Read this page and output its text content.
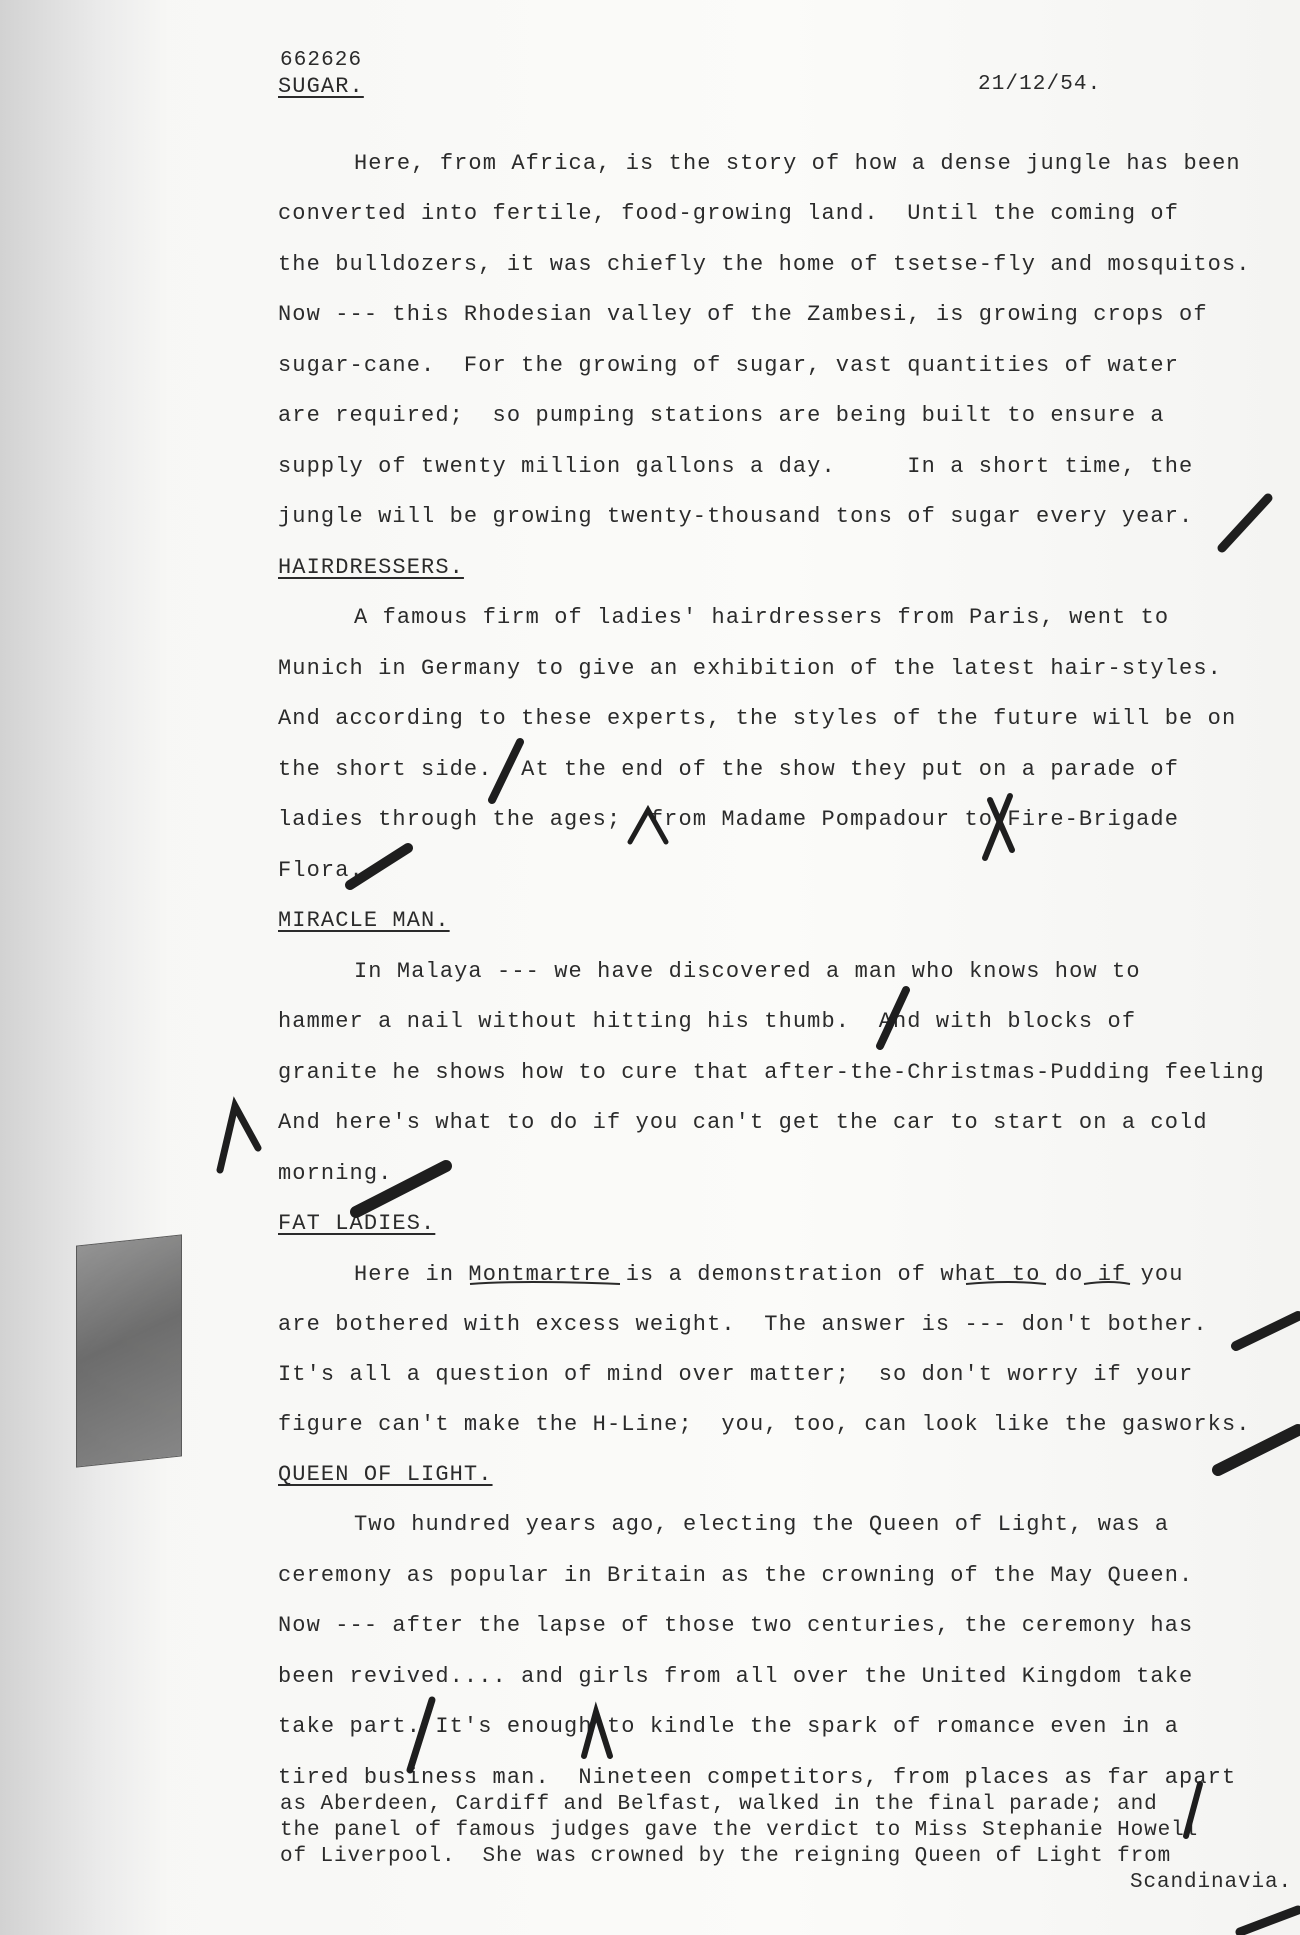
662626
21/12/54.
SUGAR.
Here, from Africa, is the story of how a dense jungle has been
converted into fertile, food-growing land.  Until the coming of
the bulldozers, it was chiefly the home of tsetse-fly and mosquitos.
Now --- this Rhodesian valley of the Zambesi, is growing crops of
sugar-cane.  For the growing of sugar, vast quantities of water
are required;  so pumping stations are being built to ensure a
supply of twenty million gallons a day.     In a short time, the
jungle will be growing twenty-thousand tons of sugar every year.
HAIRDRESSERS.
A famous firm of ladies' hairdressers from Paris, went to
Munich in Germany to give an exhibition of the latest hair-styles.
And according to these experts, the styles of the future will be on
the short side.  At the end of the show they put on a parade of
ladies through the ages;  from Madame Pompadour to Fire-Brigade
Flora.
MIRACLE MAN.
In Malaya --- we have discovered a man who knows how to
hammer a nail without hitting his thumb.  And with blocks of
granite he shows how to cure that after-the-Christmas-Pudding feeling
And here's what to do if you can't get the car to start on a cold
morning.
FAT LADIES.
Here in Montmartre is a demonstration of what to do if you
are bothered with excess weight.  The answer is --- don't bother.
It's all a question of mind over matter;  so don't worry if your
figure can't make the H-Line;  you, too, can look like the gasworks.
QUEEN OF LIGHT.
Two hundred years ago, electing the Queen of Light, was a
ceremony as popular in Britain as the crowning of the May Queen.
Now --- after the lapse of those two centuries, the ceremony has
been revived.... and girls from all over the United Kingdom take
take part. It's enough to kindle the spark of romance even in a
tired business man.  Nineteen competitors, from places as far apart
as Aberdeen, Cardiff and Belfast, walked in the final parade; and
the panel of famous judges gave the verdict to Miss Stephanie Howell
of Liverpool.  She was crowned by the reigning Queen of Light from
Scandinavia.
